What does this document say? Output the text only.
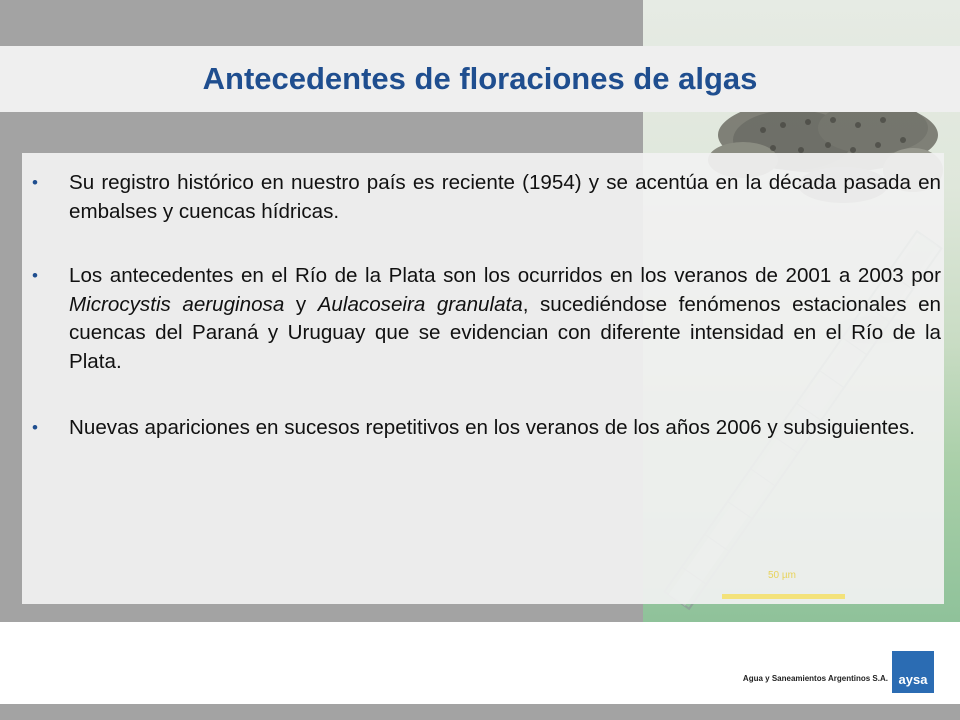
Antecedentes de floraciones de algas
• Su registro histórico en nuestro país es reciente (1954) y se acentúa en la década pasada en embalses y cuencas hídricas.
• Los antecedentes en el Río de la Plata son los ocurridos en los veranos de 2001 a 2003 por Microcystis aeruginosa y Aulacoseira granulata, sucediéndose fenómenos estacionales en cuencas del Paraná y Uruguay que se evidencian con diferente intensidad en el Río de la Plata.
• Nuevas apariciones en sucesos repetitivos en los veranos de los años 2006 y subsiguientes.
50 µm
Agua y Saneamientos Argentinos S.A. aysa
